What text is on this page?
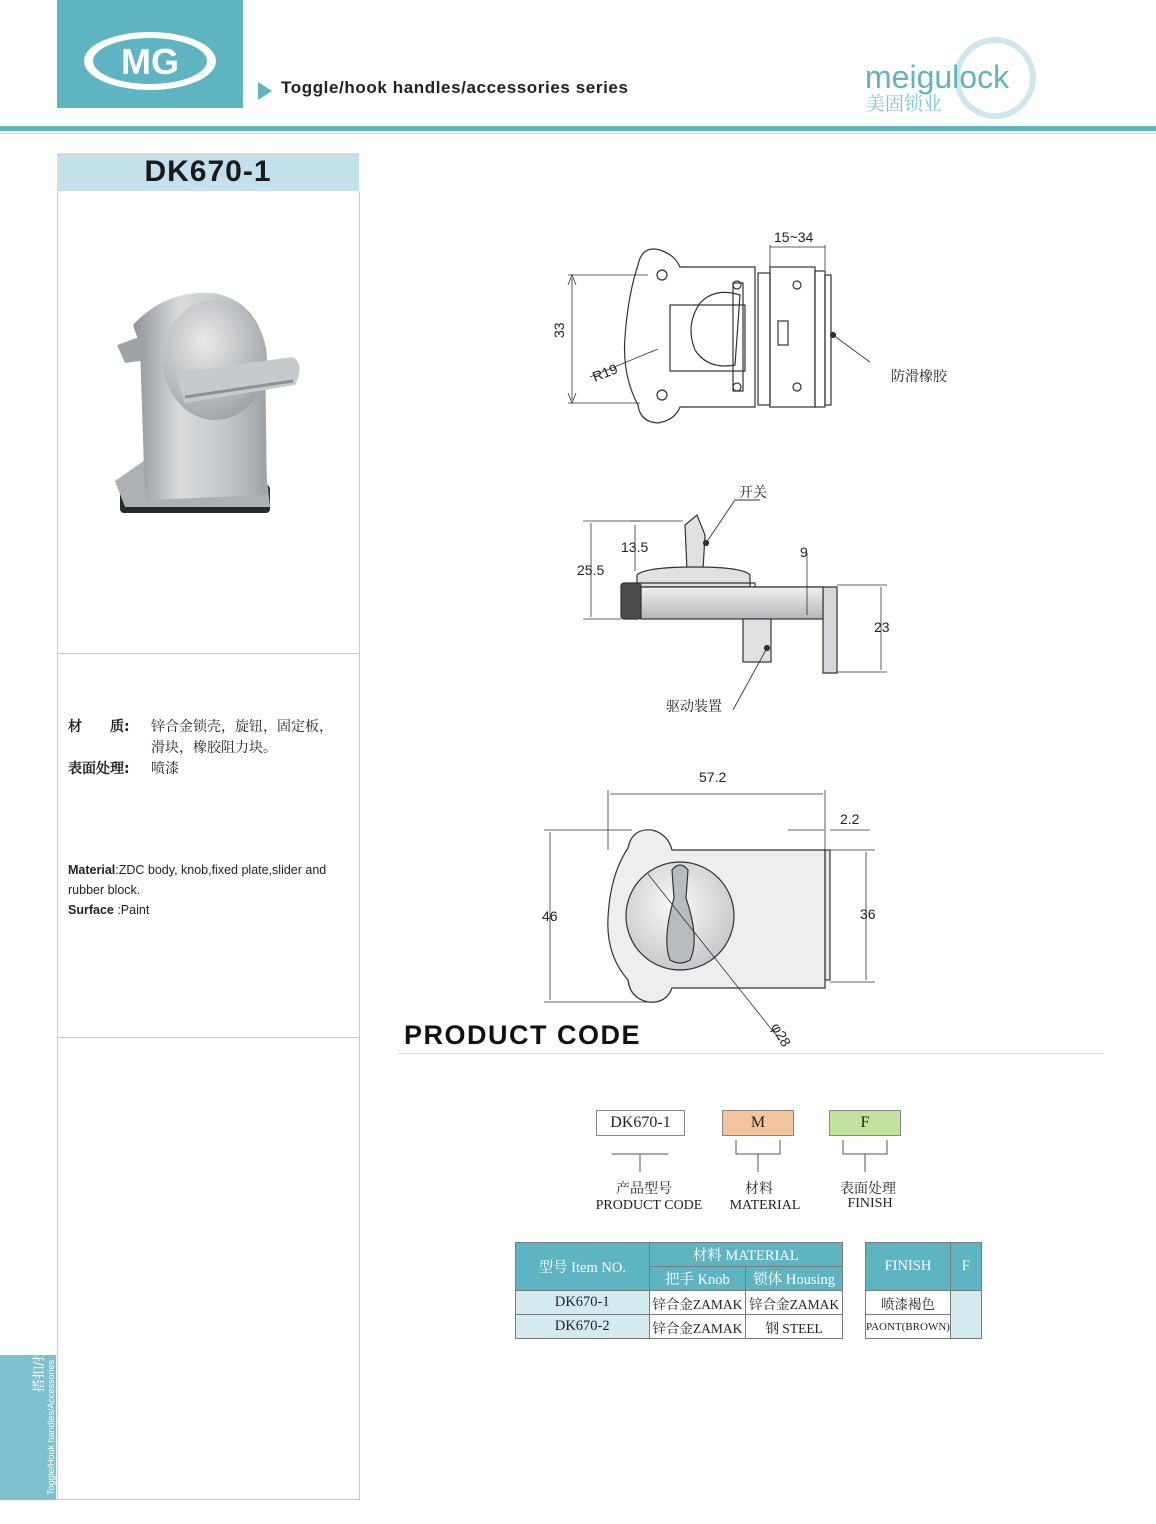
MG
Toggle/hook handles/accessories series	meigulock
美固锁业
DK670-1
材　　质: 锌合金锁壳，旋钮，固定板，
滑块，橡胶阻力块。
表面处理: 喷漆
Material:ZDC body, knob,fixed plate,slider and
rubber block.
Surface :Paint
搭扣/拉手/附件
Toggle/Hook handles/Accessories
15~34
33
R19	防滑橡胶
开关
13.5
25.5
9
23
驱动装置
57.2
2.2
46	36
φ28
PRODUCT CODE
DK670-1	M	F
产品型号
PRODUCT CODE
材料
MATERIAL
表面处理
FINISH
型号 Item NO.	材料 MATERIAL	
	把手 Knob	锁体 Housing
DK670-1	锌合金ZAMAK	锌合金ZAMAK
DK670-2	锌合金ZAMAK	钢 STEEL
FINISH	F
喷漆褐色	
PAONT(BROWN)	
